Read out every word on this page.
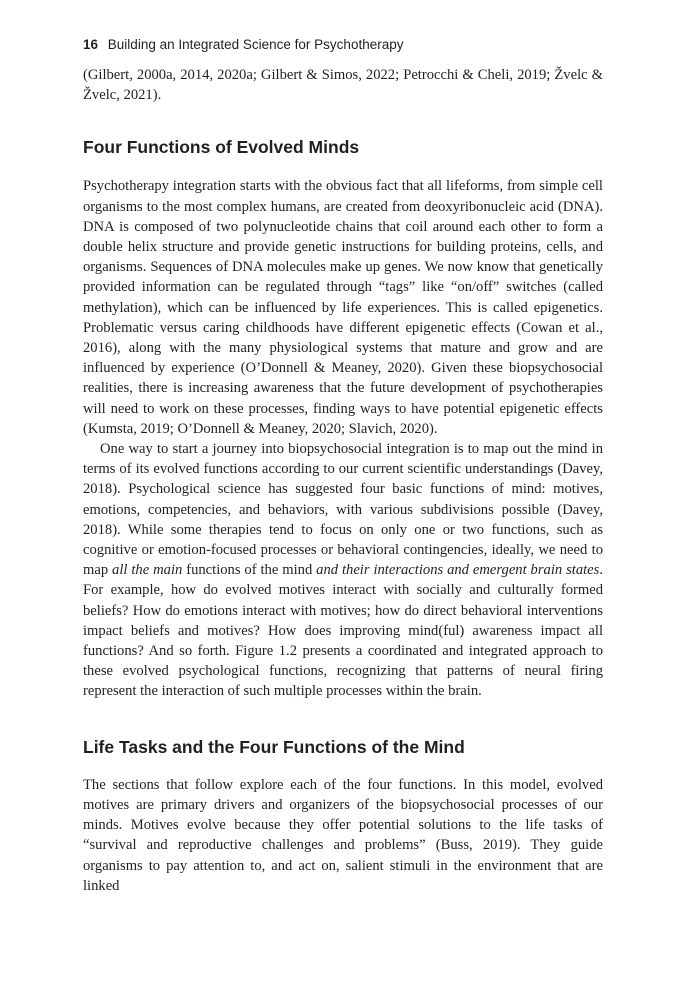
16 Building an Integrated Science for Psychotherapy

(Gilbert, 2000a, 2014, 2020a; Gilbert & Simos, 2022; Petrocchi & Cheli, 2019; Žvelc & Žvelc, 2021).

Four Functions of Evolved Minds

Psychotherapy integration starts with the obvious fact that all lifeforms, from simple cell organisms to the most complex humans, are created from deoxyribonucleic acid (DNA). DNA is composed of two polynucleotide chains that coil around each other to form a double helix structure and provide genetic instructions for building proteins, cells, and organisms. Sequences of DNA molecules make up genes. We now know that genetically provided information can be regulated through “tags” like “on/off” switches (called methylation), which can be influenced by life experiences. This is called epigenetics. Problematic versus caring childhoods have different epigenetic effects (Cowan et al., 2016), along with the many physiological systems that mature and grow and are influenced by experience (O’Donnell & Meaney, 2020). Given these biopsychosocial realities, there is increasing awareness that the future development of psychotherapies will need to work on these processes, finding ways to have potential epigenetic effects (Kumsta, 2019; O’Donnell & Meaney, 2020; Slavich, 2020).

One way to start a journey into biopsychosocial integration is to map out the mind in terms of its evolved functions according to our current scientific understandings (Davey, 2018). Psychological science has suggested four basic functions of mind: motives, emotions, competencies, and behaviors, with various subdivisions possible (Davey, 2018). While some therapies tend to focus on only one or two functions, such as cognitive or emotion-focused processes or behavioral contingencies, ideally, we need to map all the main functions of the mind and their interactions and emergent brain states. For example, how do evolved motives interact with socially and culturally formed beliefs? How do emotions interact with motives; how do direct behavioral interventions impact beliefs and motives? How does improving mind(ful) awareness impact all functions? And so forth. Figure 1.2 presents a coordinated and integrated approach to these evolved psychological functions, recognizing that patterns of neural firing represent the interaction of such multiple processes within the brain.

Life Tasks and the Four Functions of the Mind

The sections that follow explore each of the four functions. In this model, evolved motives are primary drivers and organizers of the biopsychosocial processes of our minds. Motives evolve because they offer potential solutions to the life tasks of “survival and reproductive challenges and problems” (Buss, 2019). They guide organisms to pay attention to, and act on, salient stimuli in the environment that are linked
